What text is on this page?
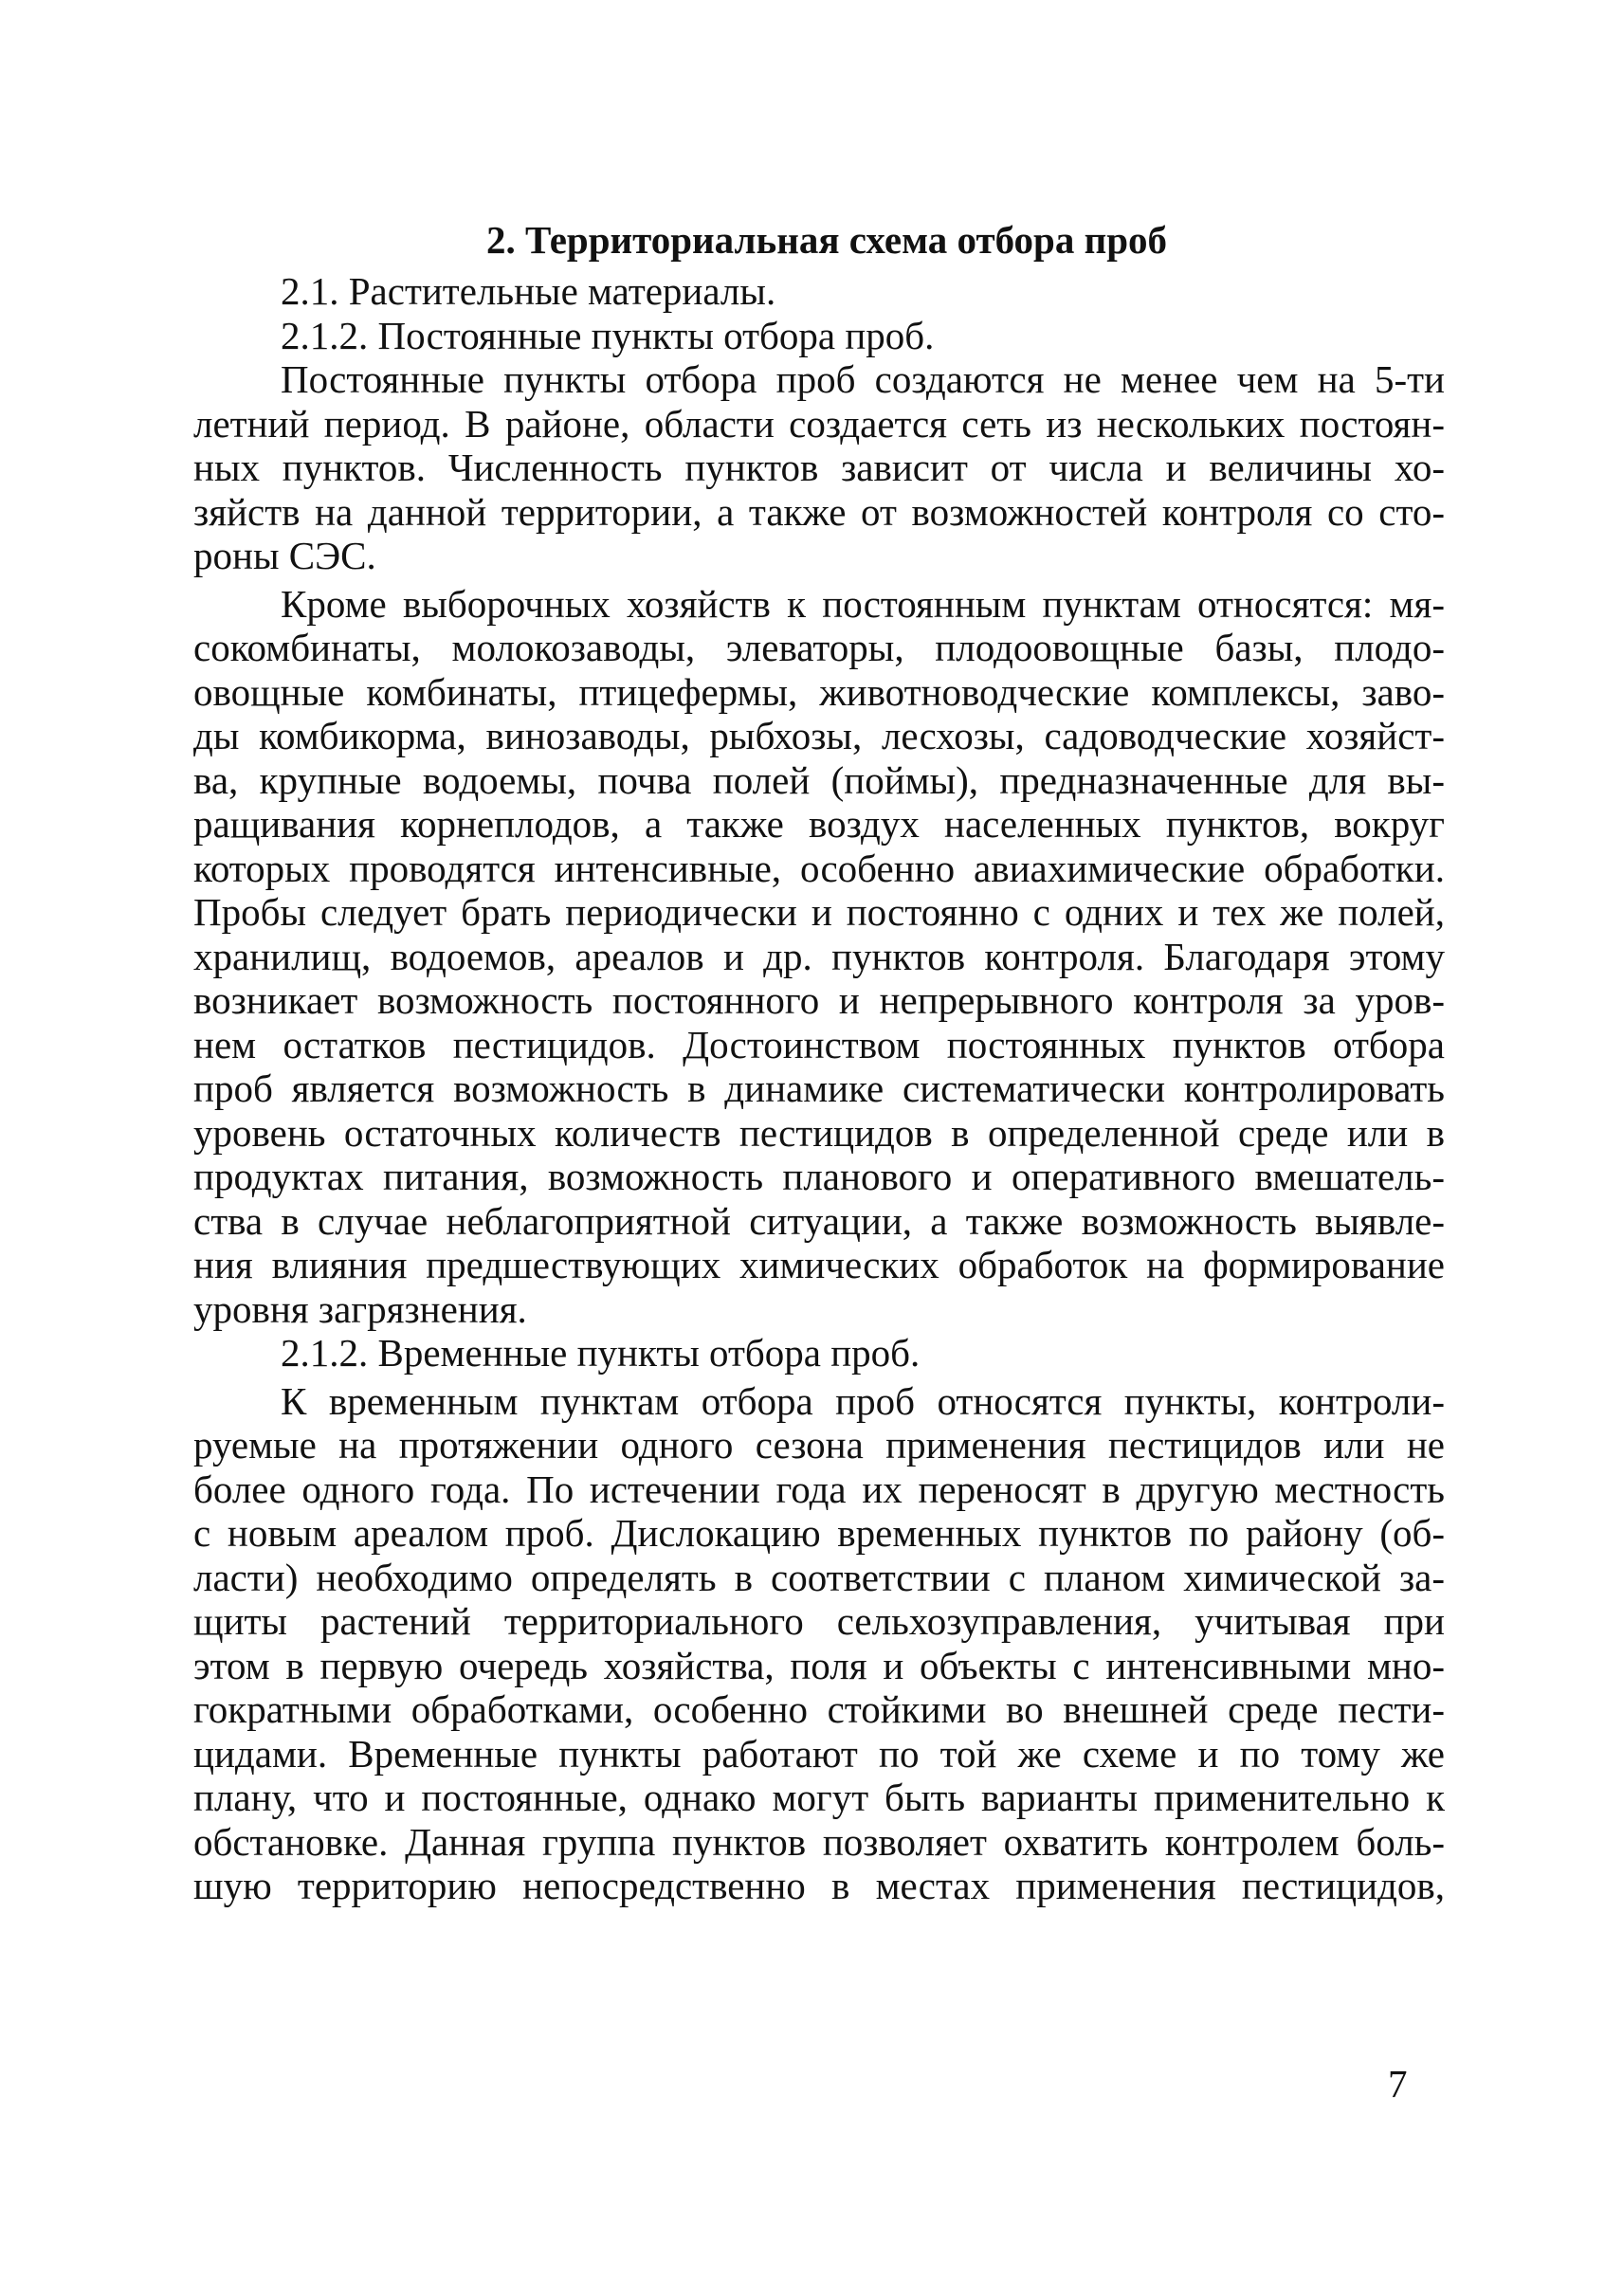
2. Территориальная схема отбора проб
2.1. Растительные материалы.
2.1.2. Постоянные пункты отбора проб.
Постоянные пункты отбора проб создаются не менее чем на 5-ти
летний период. В районе, области создается сеть из нескольких постоян-
ных пунктов. Численность пунктов зависит от числа и величины хо-
зяйств на данной территории, а также от возможностей контроля со сто-
роны СЭС.
Кроме выборочных хозяйств к постоянным пунктам относятся: мя-
сокомбинаты, молокозаводы, элеваторы, плодоовощные базы, плодо-
овощные комбинаты, птицефермы, животноводческие комплексы, заво-
ды комбикорма, винозаводы, рыбхозы, лесхозы, садоводческие хозяйст-
ва, крупные водоемы, почва полей (поймы), предназначенные для вы-
ращивания корнеплодов, а также воздух населенных пунктов, вокруг
которых проводятся интенсивные, особенно авиахимические обработки.
Пробы следует брать периодически и постоянно с одних и тех же полей,
хранилищ, водоемов, ареалов и др. пунктов контроля. Благодаря этому
возникает возможность постоянного и непрерывного контроля за уров-
нем остатков пестицидов. Достоинством постоянных пунктов отбора
проб является возможность в динамике систематически контролировать
уровень остаточных количеств пестицидов в определенной среде или в
продуктах питания, возможность планового и оперативного вмешатель-
ства в случае неблагоприятной ситуации, а также возможность выявле-
ния влияния предшествующих химических обработок на формирование
уровня загрязнения.
2.1.2. Временные пункты отбора проб.
К временным пунктам отбора проб относятся пункты, контроли-
руемые на протяжении одного сезона применения пестицидов или не
более одного года. По истечении года их переносят в другую местность
с новым ареалом проб. Дислокацию временных пунктов по району (об-
ласти) необходимо определять в соответствии с планом химической за-
щиты растений территориального сельхозуправления, учитывая при
этом в первую очередь хозяйства, поля и объекты с интенсивными мно-
гократными обработками, особенно стойкими во внешней среде пести-
цидами. Временные пункты работают по той же схеме и по тому же
плану, что и постоянные, однако могут быть варианты применительно к
обстановке. Данная группа пунктов позволяет охватить контролем боль-
шую территорию непосредственно в местах применения пестицидов,
7
